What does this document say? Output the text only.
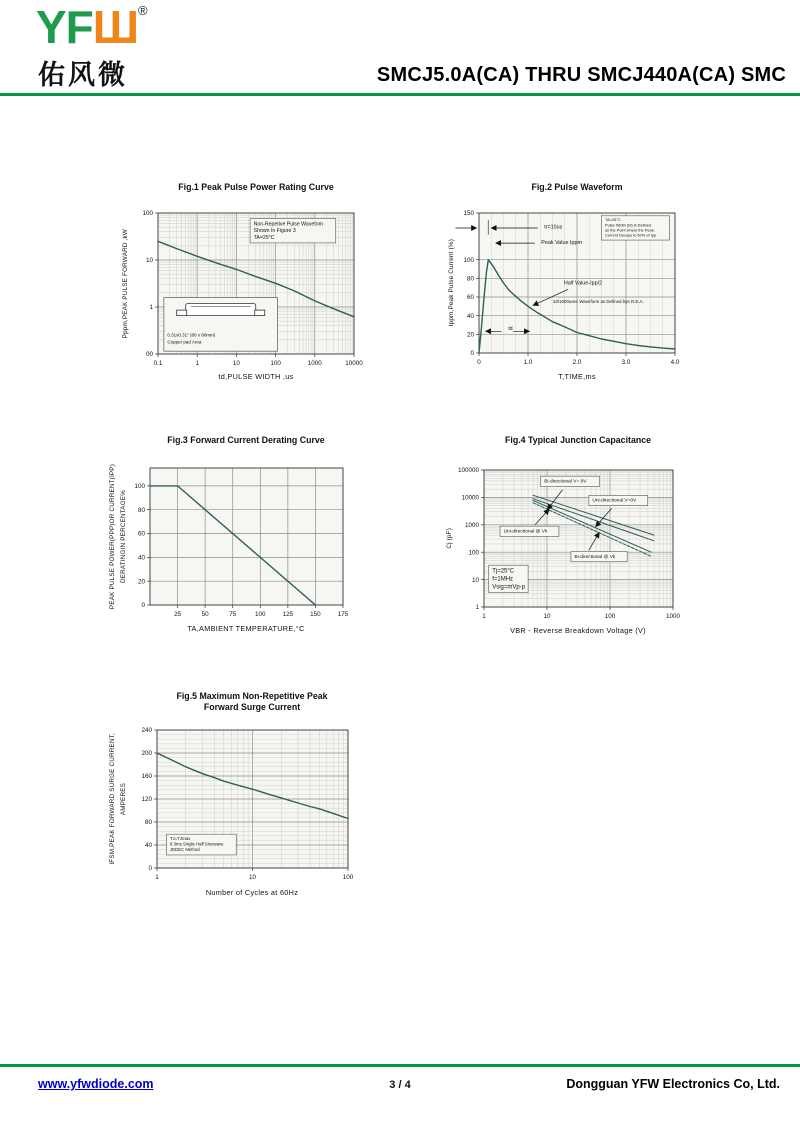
YFШ®
佑风微	SMCJ5.0A(CA) THRU SMCJ440A(CA) SMC
Fig.1 Peak Pulse Power Rating Curve
Pppm,PEAK PULSE FORWARD ,kW
0.1	1	10	100	1000	10000
100
10
1
00
Non-Repetive Pulse Wavefom
Shown In Figure 3
TA=25°C
0.31x0.31" (80 x 80mm)
Copper pad Area
td,PULSE WIDTH ,us
Fig.2 Pulse Waveform
Ippm,Peak Pulse Current (%)
0	1.0	2.0	3.0	4.0
0
20
40
60
80
100
150
tr=10us
Peak Value Ippm
Half Value-Ipp/2
10/1000usec Waveform as Defined bye R.E.A.
TA=25°C
Pulse Width (td) is Defined
as the Point where the Peak,
Current Decays to 50% of Ipp
td
T,TIME,ms
Fig.3 Forward Current Derating Curve
PEAK PULSE POWER(PPP)OR CURRENT(IPP) DERATINGIN PERCENTAGE%
25	50	75	100	125	150	175
0
20
40
60
80
100
TA,AMBIENT TEMPERATURE,°C
Fig.4 Typical Junction Capacitance
Cj (pF)
1	10	100	1000
1
10
100
1000
10000
100000
Bi-directional V= 0V
Uni-directional V=0V
Uni-directional @ Vk
Bi-directional @ Vk
Tj=25°C
f=1MHz
Vsig=mVp-p
VBR - Reverse Breakdown Voltage (V)
Fig.5 Maximum Non-Repetitive Peak
Forward Surge Current
IFSM,PEAK FORWARD SURGE CURRENT, AMPERES
1	10	100
0
40
80
120
160
200
240
TJ=TJmax
8.3ms Single Half Sinewave
JEDEC Method
Number of Cycles at 60Hz
www.yfwdiode.com	3 / 4	Dongguan YFW Electronics Co, Ltd.
